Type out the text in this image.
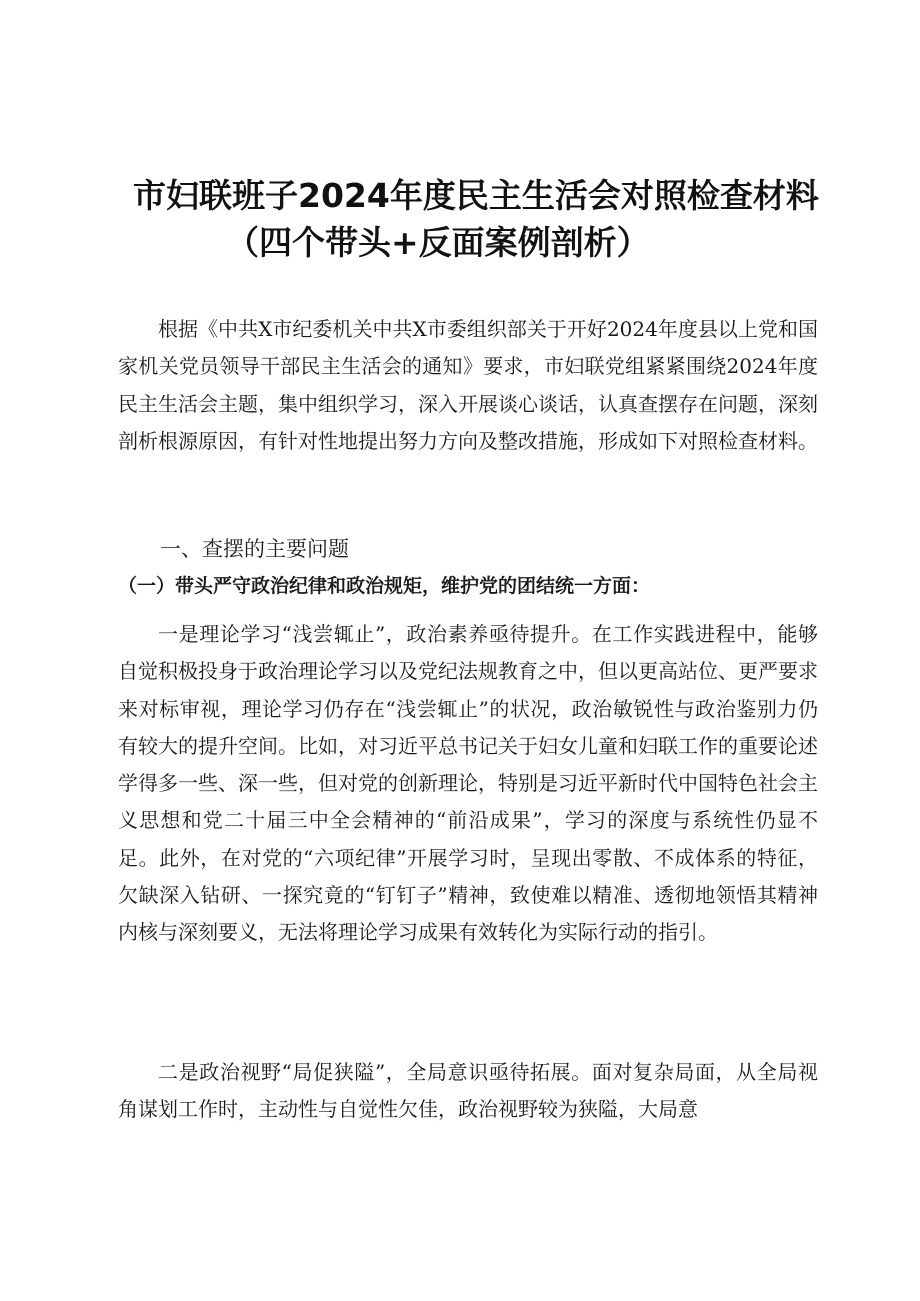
市妇联班子2024年度民主生活会对照检查材料
（四个带头+反面案例剖析）

根据《中共X市纪委机关中共X市委组织部关于开好2024年度县以上党和国家机关党员领导干部民主生活会的通知》要求，市妇联党组紧紧围绕2024年度民主生活会主题，集中组织学习，深入开展谈心谈话，认真查摆存在问题，深刻剖析根源原因，有针对性地提出努力方向及整改措施，形成如下对照检查材料。

一、查摆的主要问题

（一）带头严守政治纪律和政治规矩，维护党的团结统一方面：

一是理论学习“浅尝辄止”，政治素养亟待提升。在工作实践进程中，能够自觉积极投身于政治理论学习以及党纪法规教育之中，但以更高站位、更严要求来对标审视，理论学习仍存在“浅尝辄止”的状况，政治敏锐性与政治鉴别力仍有较大的提升空间。比如，对习近平总书记关于妇女儿童和妇联工作的重要论述学得多一些、深一些，但对党的创新理论，特别是习近平新时代中国特色社会主义思想和党二十届三中全会精神的“前沿成果”，学习的深度与系统性仍显不足。此外，在对党的“六项纪律”开展学习时，呈现出零散、不成体系的特征，欠缺深入钻研、一探究竟的“钉钉子”精神，致使难以精准、透彻地领悟其精神内核与深刻要义，无法将理论学习成果有效转化为实际行动的指引。

二是政治视野“局促狭隘”，全局意识亟待拓展。面对复杂局面，从全局视角谋划工作时，主动性与自觉性欠佳，政治视野较为狭隘，大局意
